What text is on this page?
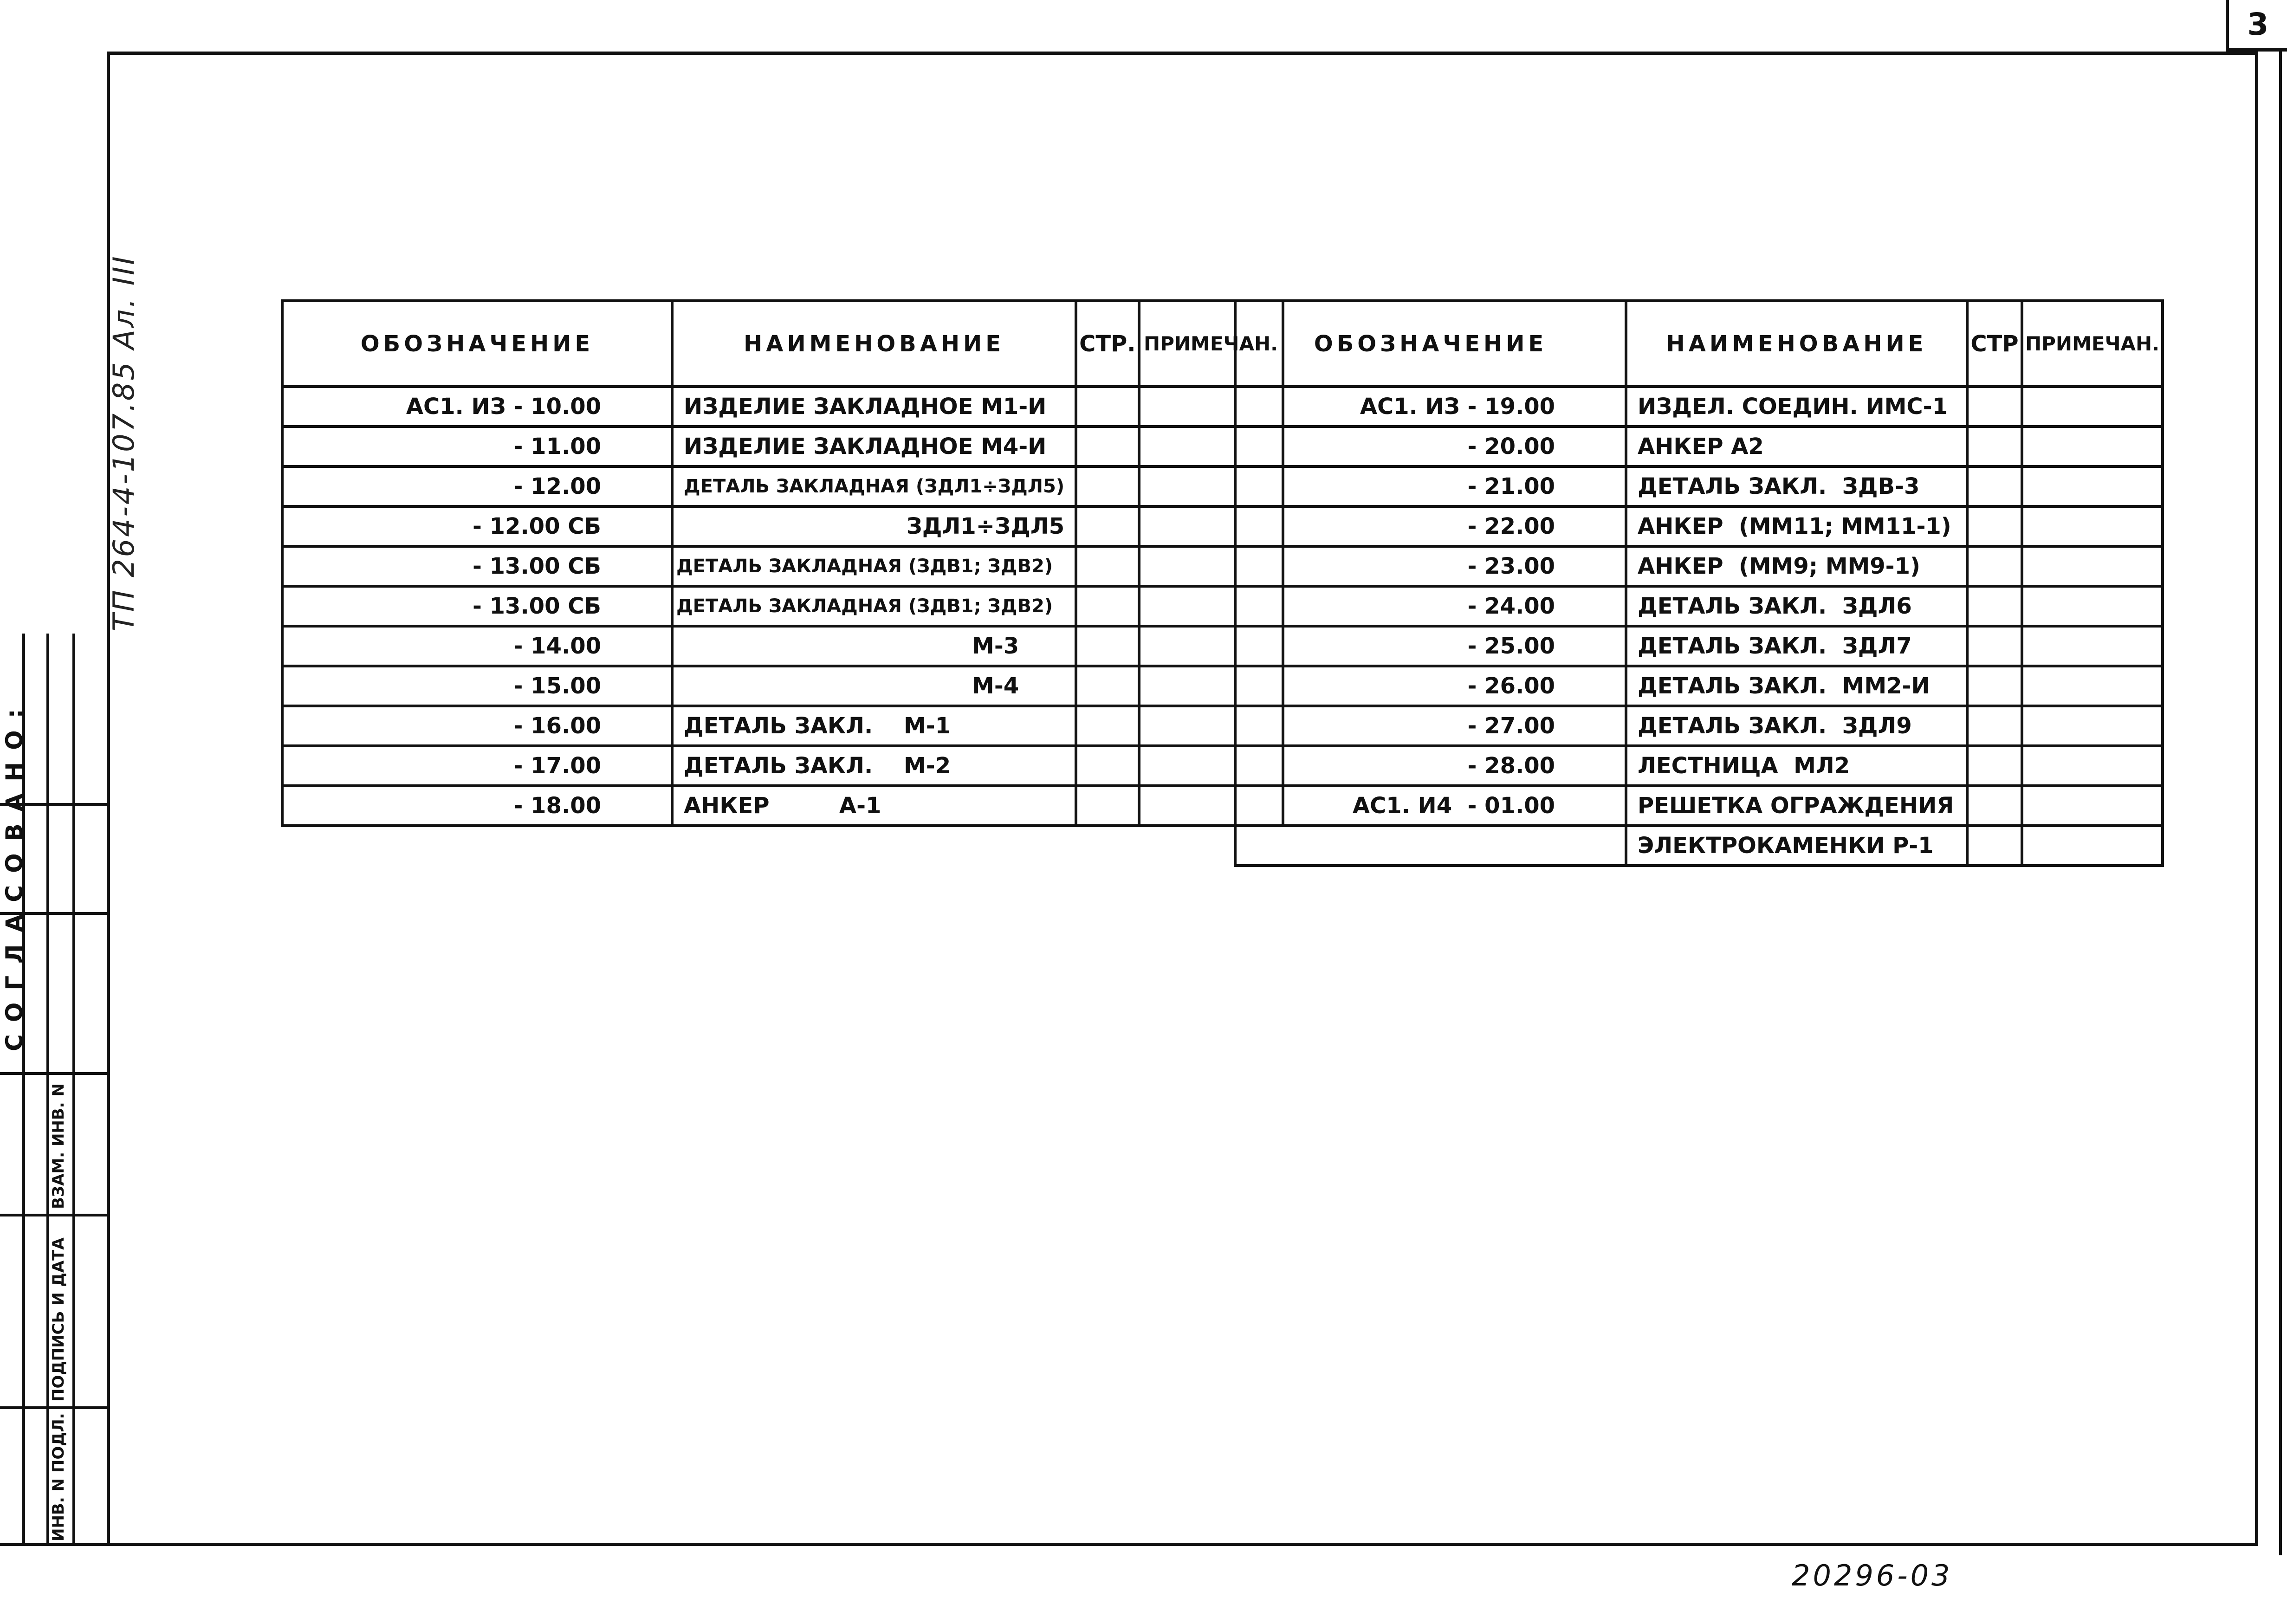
3
ТП 264-4-107.85 Ал. III
СОГЛАСОВАНО:
ИНВ. N ПОДЛ.
ПОДПИСЬ И ДАТА
ВЗАМ. ИНВ. N
ОБОЗНАЧЕНИЕ	НАИМЕНОВАНИЕ	СТР.	ПРИМЕЧАН.
АС1. ИЗ - 10.00	ИЗДЕЛИЕ ЗАКЛАДНОЕ М1-И		
- 11.00	ИЗДЕЛИЕ ЗАКЛАДНОЕ М4-И		
- 12.00	ДЕТАЛЬ ЗАКЛАДНАЯ (ЗДЛ1÷ЗДЛ5)		
- 12.00 СБ	ЗДЛ1÷ЗДЛ5		
- 13.00 СБ	ДЕТАЛЬ ЗАКЛАДНАЯ (ЗДВ1; ЗДВ2)		
- 13.00 СБ	ДЕТАЛЬ ЗАКЛАДНАЯ (ЗДВ1; ЗДВ2)		
- 14.00	М-3		
- 15.00	М-4		
- 16.00	ДЕТАЛЬ ЗАКЛ.    М-1		
- 17.00	ДЕТАЛЬ ЗАКЛ.    М-2		
- 18.00	АНКЕР         А-1		
ОБОЗНАЧЕНИЕ	НАИМЕНОВАНИЕ	СТР	ПРИМЕЧАН.
АС1. ИЗ - 19.00	ИЗДЕЛ. СОЕДИН. ИМС-1		
- 20.00	АНКЕР А2		
- 21.00	ДЕТАЛЬ ЗАКЛ.  ЗДВ-3		
- 22.00	АНКЕР  (ММ11; ММ11-1)		
- 23.00	АНКЕР  (ММ9; ММ9-1)		
- 24.00	ДЕТАЛЬ ЗАКЛ.  ЗДЛ6		
- 25.00	ДЕТАЛЬ ЗАКЛ.  ЗДЛ7		
- 26.00	ДЕТАЛЬ ЗАКЛ.  ММ2-И		
- 27.00	ДЕТАЛЬ ЗАКЛ.  ЗДЛ9		
- 28.00	ЛЕСТНИЦА  МЛ2		
АС1. И4  - 01.00	РЕШЕТКА ОГРАЖДЕНИЯ		
	ЭЛЕКТРОКАМЕНКИ Р-1		
20296-03
